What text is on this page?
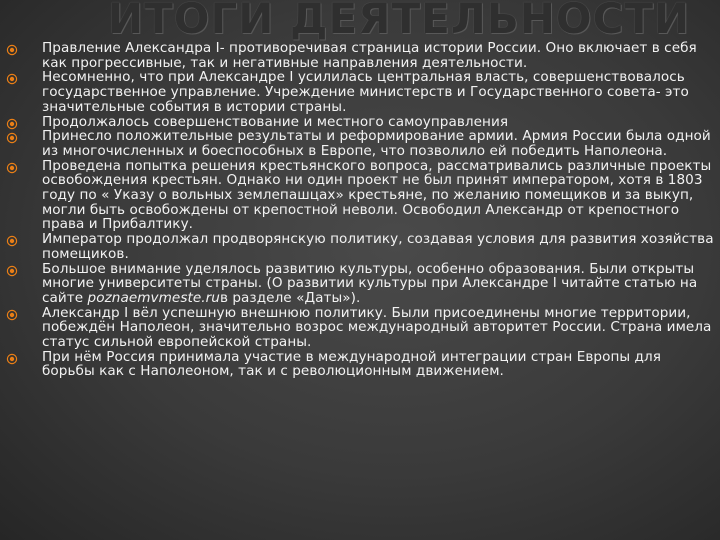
ИТОГИ ДЕЯТЕЛЬНОСТИ
Правление Александра I- противоречивая страница истории России. Оно включает в себя как прогрессивные, так и негативные направления деятельности.
Несомненно, что при Александре I усилилась центральная власть, совершенствовалось государственное управление. Учреждение министерств и Государственного совета- это значительные события в истории страны.
Продолжалось совершенствование и местного самоуправления
Принесло положительные результаты и реформирование армии. Армия России была одной из многочисленных и боеспособных в Европе, что позволило ей победить Наполеона.
Проведена попытка решения крестьянского вопроса, рассматривались различные проекты освобождения крестьян. Однако ни один проект не был принят императором, хотя в 1803 году по « Указу о вольных землепашцах» крестьяне, по желанию помещиков и за выкуп, могли быть освобождены от крепостной неволи. Освободил Александр от крепостного права и Прибалтику.
Император продолжал продворянскую политику, создавая условия для развития хозяйства помещиков.
Большое внимание уделялось развитию культуры, особенно образования. Были открыты многие университеты страны. (О развитии культуры при Александре I читайте статью на сайте poznaemvmeste.ruв разделе «Даты»).
Александр I вёл успешную внешнюю политику. Были присоединены многие территории, побеждён Наполеон, значительно возрос международный авторитет России. Страна имела статус сильной европейской страны.
При нём Россия принимала участие в международной интеграции стран Европы для борьбы как с Наполеоном, так и с революционным движением.
